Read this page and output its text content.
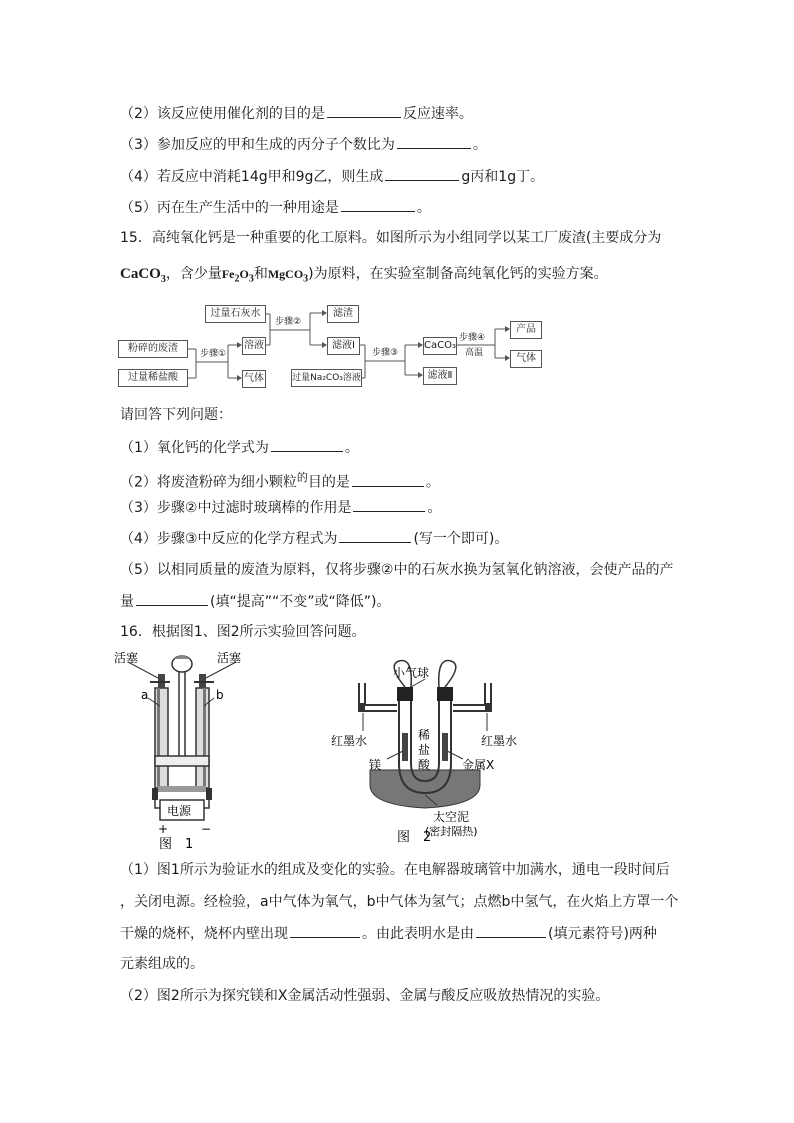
（2）该反应使用催化剂的目的是	反应速率。
（3）参加反应的甲和生成的丙分子个数比为	。
（4）若反应中消耗14g甲和9g乙，则生成	g丙和1g丁。
（5）丙在生产生活中的一种用途是	。
15．高纯氧化钙是一种重要的化工原料。如图所示为小组同学以某工厂废渣(主要成分为
CaCO$_3$，含少量$Fe_2O_3$和MgCO$_3$)为原料，在实验室制备高纯氧化钙的实验方案。
粉碎的废渣
过量稀盐酸
步骤①
过量石灰水
溶液
气体
步骤②
滤渣
滤液Ⅰ
步骤③
过量Na₂CO₃溶液
CaCO₃
滤液Ⅱ
步骤④
高温
产品
气体
请回答下列问题：
（1）氧化钙的化学式为	。
（2）将废渣粉碎为细小颗粒$^的$目的是	。
（3）步骤②中过滤时玻璃棒的作用是	。
（4）步骤③中反应的化学方程式为	(写一个即可)。
（5）以相同质量的废渣为原料，仅将步骤②中的石灰水换为氢氧化钠溶液，会使产品的产
量	(填“提高”“不变”或“降低”)。
16．根据图1、图2所示实验回答问题。
活塞	活塞
a	b
电源
+	−
图　1
小气球
红墨水	红墨水
稀
盐
酸
镁	金属X
太空泥
(密封隔热)
图　2
（1）图1所示为验证水的组成及变化的实验。在电解器玻璃管中加满水，通电一段时间后
，关闭电源。经检验，a中气体为氧气，b中气体为氢气；点燃b中氢气，在火焰上方罩一个
干燥的烧杯，烧杯内壁出现	。由此表明水是由	(填元素符号)两种
元素组成的。
（2）图2所示为探究镁和X金属活动性强弱、金属与酸反应吸放热情况的实验。
